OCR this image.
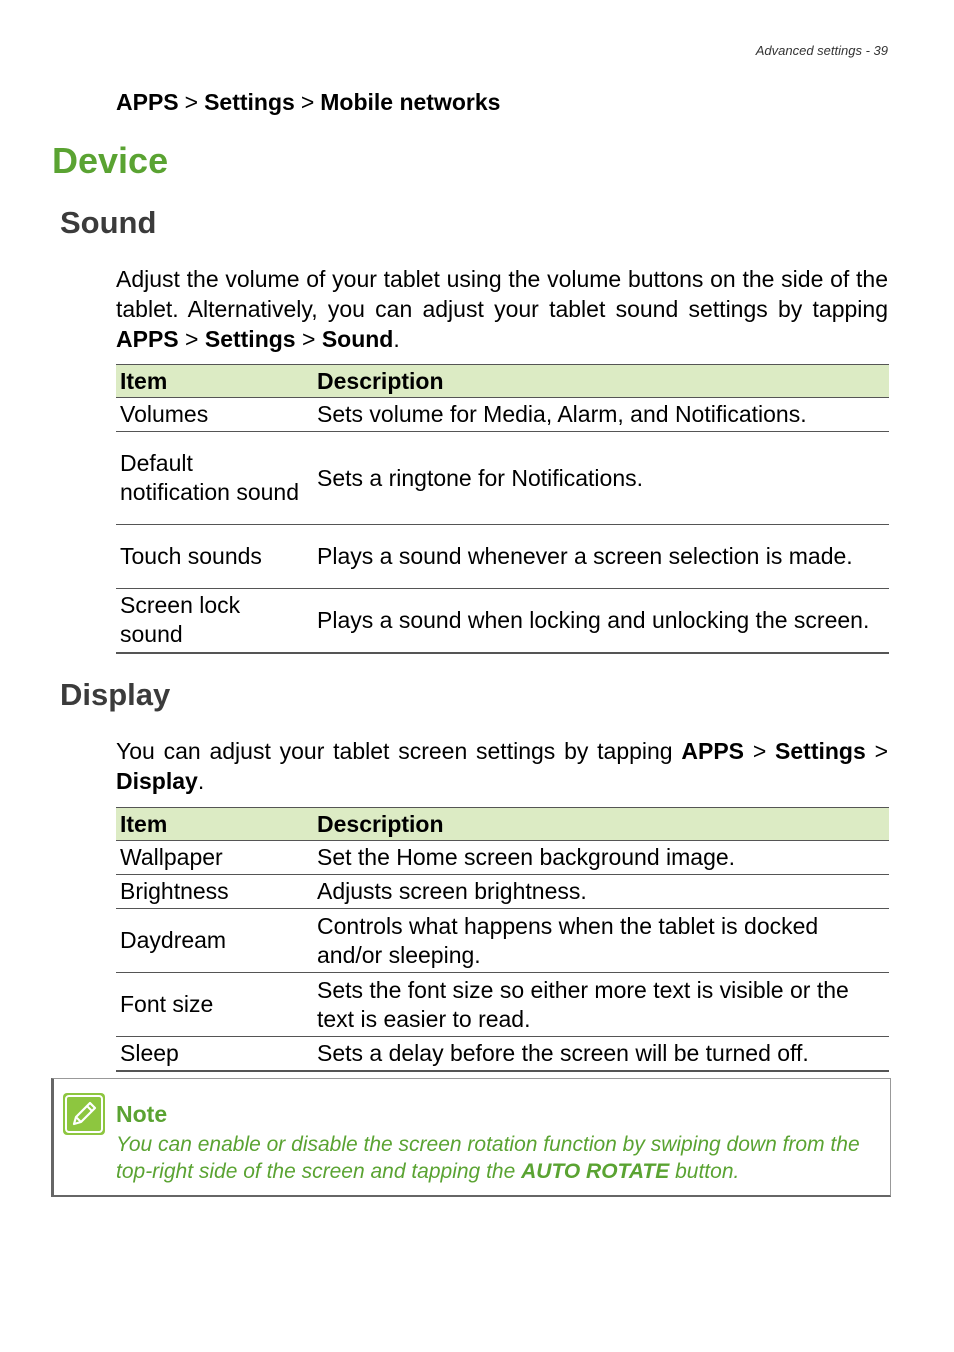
Advanced settings - 39
APPS > Settings > Mobile networks
Device
Sound
Adjust the volume of your tablet using the volume buttons on the side of the tablet. Alternatively, you can adjust your tablet sound settings by tapping APPS > Settings > Sound.
Item	Description
Volumes	Sets volume for Media, Alarm, and Notifications.
Default notification sound	Sets a ringtone for Notifications.
Touch sounds	Plays a sound whenever a screen selection is made.
Screen lock sound	Plays a sound when locking and unlocking the screen.
Display
You can adjust your tablet screen settings by tapping APPS > Settings > Display.
Item	Description
Wallpaper	Set the Home screen background image.
Brightness	Adjusts screen brightness.
Daydream	Controls what happens when the tablet is docked and/or sleeping.
Font size	Sets the font size so either more text is visible or the text is easier to read.
Sleep	Sets a delay before the screen will be turned off.
Note
You can enable or disable the screen rotation function by swiping down from the top-right side of the screen and tapping the AUTO ROTATE button.
